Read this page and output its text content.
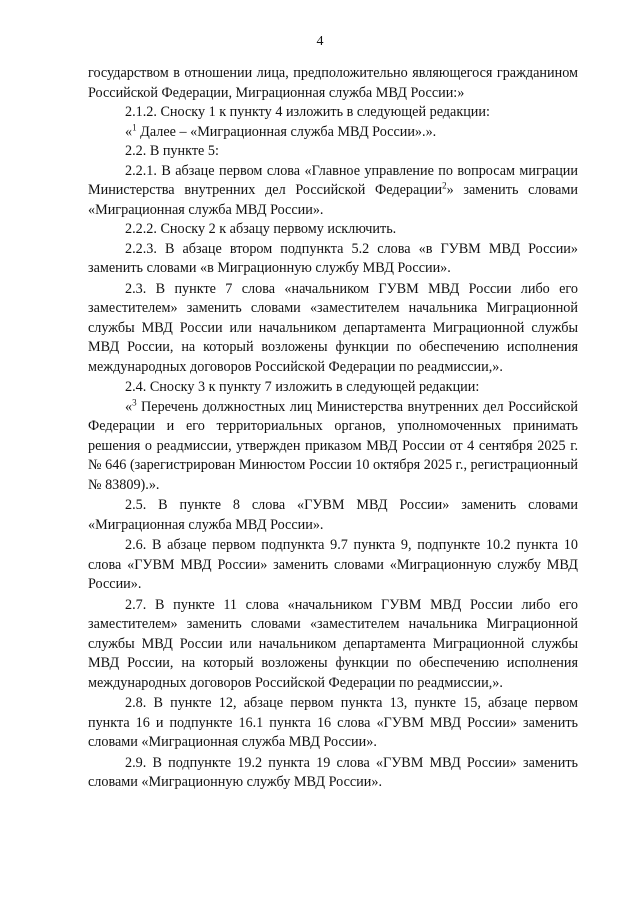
4

государством в отношении лица, предположительно являющегося гражданином Российской Федерации, Миграционная служба МВД России:»

2.1.2. Сноску 1 к пункту 4 изложить в следующей редакции:

«$^1$ Далее – «Миграционная служба МВД России».».

2.2. В пункте 5:

2.2.1. В абзаце первом слова «Главное управление по вопросам миграции Министерства внутренних дел Российской Федерации$^2$» заменить словами «Миграционная служба МВД России».

2.2.2. Сноску 2 к абзацу первому исключить.

2.2.3. В абзаце втором подпункта 5.2 слова «в ГУВМ МВД России» заменить словами «в Миграционную службу МВД России».

2.3. В пункте 7 слова «начальником ГУВМ МВД России либо его заместителем» заменить словами «заместителем начальника Миграционной службы МВД России или начальником департамента Миграционной службы МВД России, на который возложены функции по обеспечению исполнения международных договоров Российской Федерации по реадмиссии,».

2.4. Сноску 3 к пункту 7 изложить в следующей редакции:

«$^3$ Перечень должностных лиц Министерства внутренних дел Российской Федерации и его территориальных органов, уполномоченных принимать решения о реадмиссии, утвержден приказом МВД России от 4 сентября 2025 г. № 646 (зарегистрирован Минюстом России 10 октября 2025 г., регистрационный № 83809).».

2.5. В пункте 8 слова «ГУВМ МВД России» заменить словами «Миграционная служба МВД России».

2.6. В абзаце первом подпункта 9.7 пункта 9, подпункте 10.2 пункта 10 слова «ГУВМ МВД России» заменить словами «Миграционную службу МВД России».

2.7. В пункте 11 слова «начальником ГУВМ МВД России либо его заместителем» заменить словами «заместителем начальника Миграционной службы МВД России или начальником департамента Миграционной службы МВД России, на который возложены функции по обеспечению исполнения международных договоров Российской Федерации по реадмиссии,».

2.8. В пункте 12, абзаце первом пункта 13, пункте 15, абзаце первом пункта 16 и подпункте 16.1 пункта 16 слова «ГУВМ МВД России» заменить словами «Миграционная служба МВД России».

2.9. В подпункте 19.2 пункта 19 слова «ГУВМ МВД России» заменить словами «Миграционную службу МВД России».
